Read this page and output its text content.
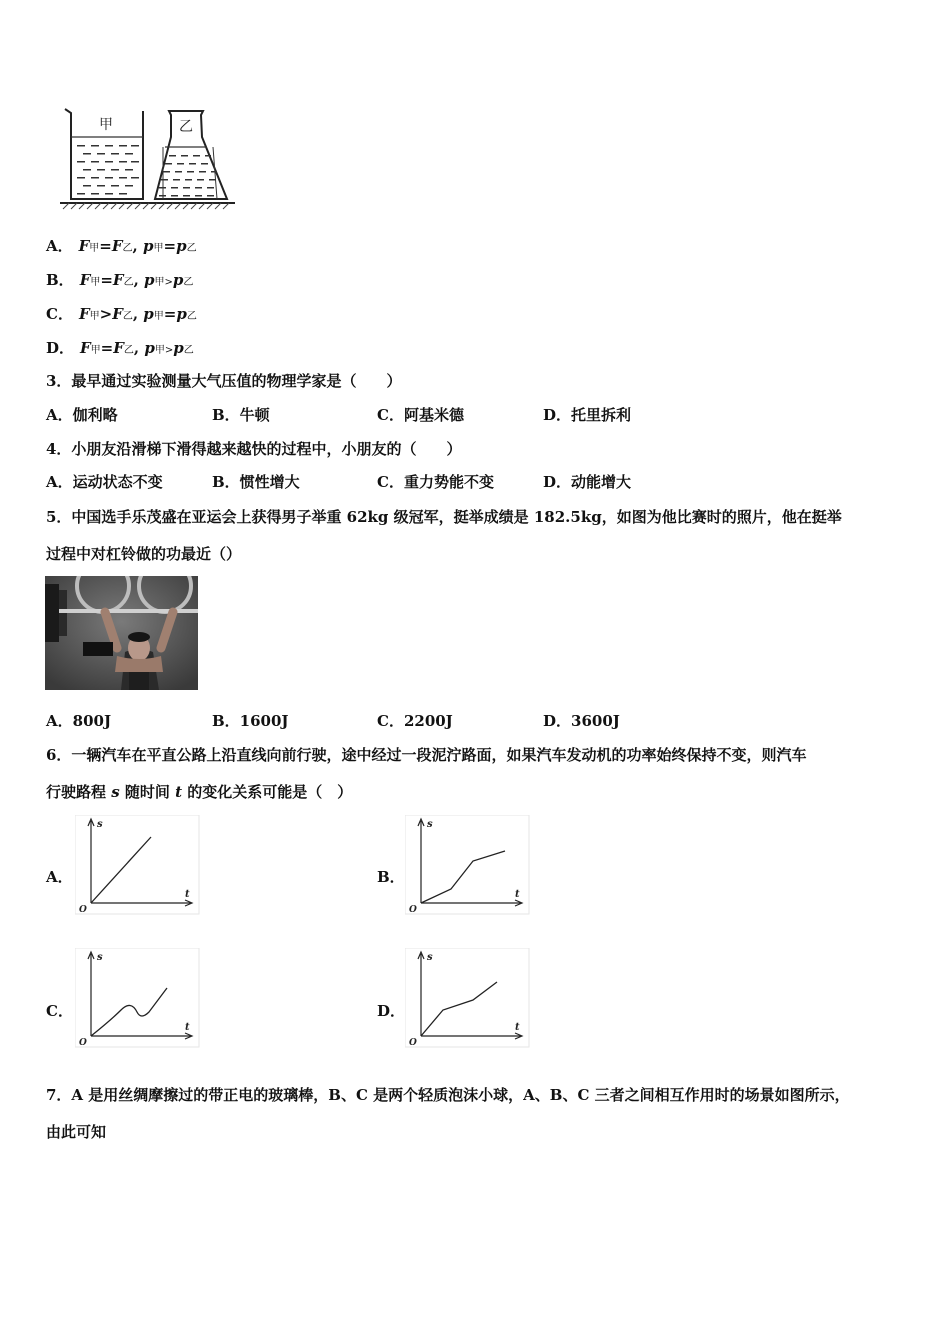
甲	乙
A． F甲=F乙, p甲=p乙
B． F甲=F乙, p甲>p乙
C． F甲>F乙, p甲=p乙
D． F甲=F乙, p甲>p乙
3．最早通过实验测量大气压值的物理学家是（　　）
A．伽利略	B．牛顿	C．阿基米德	D．托里拆利
4．小朋友沿滑梯下滑得越来越快的过程中，小朋友的（　　）
A．运动状态不变	B．惯性增大	C．重力势能不变	D．动能增大
5．中国选手乐茂盛在亚运会上获得男子举重 62kg 级冠军，挺举成绩是 182.5kg，如图为他比赛时的照片，他在挺举
过程中对杠铃做的功最近（）
A．800J	B．1600J	C．2200J	D．3600J
6．一辆汽车在平直公路上沿直线向前行驶，途中经过一段泥泞路面，如果汽车发动机的功率始终保持不变，则汽车
行驶路程 s 随时间 t 的变化关系可能是（　）
A．	B．
C．	D．
s
t
O
s
t
O
s
t
O
s
t
O
7．A 是用丝绸摩擦过的带正电的玻璃棒，B、C 是两个轻质泡沫小球，A、B、C 三者之间相互作用时的场景如图所示，
由此可知
